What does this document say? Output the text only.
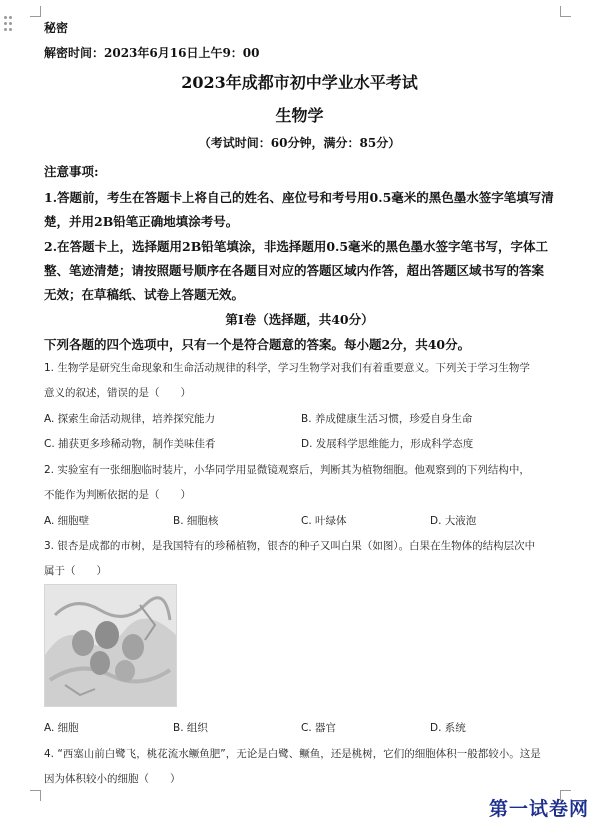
秘密
解密时间：2023年6月16日上午9：00
2023年成都市初中学业水平考试
生物学
（考试时间：60分钟，满分：85分）
注意事项:
1.答题前，考生在答题卡上将自己的姓名、座位号和考号用0.5毫米的黑色墨水签字笔填写清
楚，并用2B铅笔正确地填涂考号。
2.在答题卡上，选择题用2B铅笔填涂，非选择题用0.5毫米的黑色墨水签字笔书写，字体工
整、笔迹清楚；请按照题号顺序在各题目对应的答题区域内作答，超出答题区域书写的答案
无效；在草稿纸、试卷上答题无效。
第Ⅰ卷（选择题，共40分）
下列各题的四个选项中，只有一个是符合题意的答案。每小题2分，共40分。
1. 生物学是研究生命现象和生命活动规律的科学，学习生物学对我们有着重要意义。下列关于学习生物学
意义的叙述，错误的是（　　）
A. 探索生命活动规律，培养探究能力	B. 养成健康生活习惯，珍爱自身生命
C. 捕获更多珍稀动物，制作美味佳肴	D. 发展科学思维能力，形成科学态度
2. 实验室有一张细胞临时装片，小华同学用显微镜观察后，判断其为植物细胞。他观察到的下列结构中，
不能作为判断依据的是（　　）
A. 细胞壁	B. 细胞核	C. 叶绿体	D. 大液泡
3. 银杏是成都的市树，是我国特有的珍稀植物，银杏的种子又叫白果（如图）。白果在生物体的结构层次中
属于（　　）
A. 细胞	B. 组织	C. 器官	D. 系统
4. “西塞山前白鹭飞，桃花流水鳜鱼肥”，无论是白鹭、鳜鱼，还是桃树，它们的细胞体积一般都较小。这是
因为体积较小的细胞（　　）
第一试卷网
